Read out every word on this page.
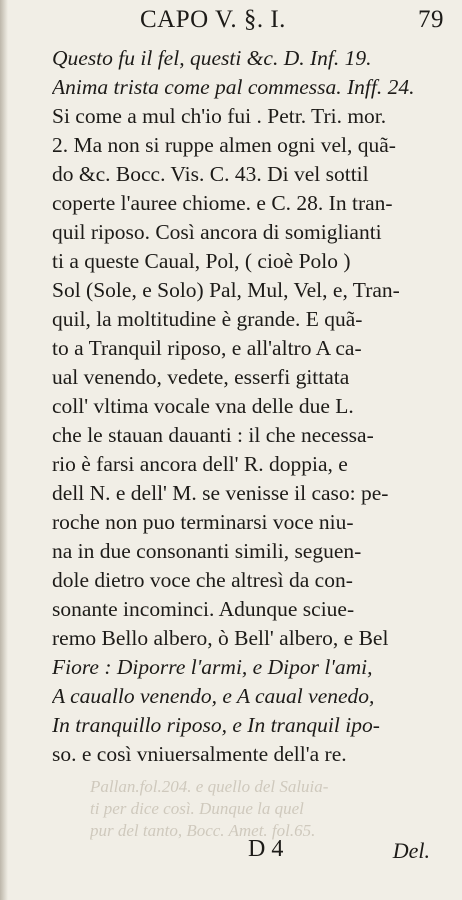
CAPO V. §. I.	79
Pallan.fol.204. e quello del Saluia-
ti per dice così. Dunque la quel
pur del tanto, Bocc. Amet. fol.65.
Questo fu il fel, questi &c. D. Inf. 19.
Anima trista come pal commessa. Inff. 24.
Si come a mul ch'io fui . Petr. Tri. mor.
2. Ma non si ruppe almen ogni vel, quã-
do &c. Bocc. Vis. C. 43. Di vel sottil
coperte l'auree chiome. e C. 28. In tran-
quil riposo. Così ancora di somiglianti
ti a queste Caual, Pol, ( cioè Polo )
Sol (Sole, e Solo) Pal, Mul, Vel, e, Tran-
quil, la moltitudine è grande. E quã-
to a Tranquil riposo, e all'altro A ca-
ual venendo, vedete, esserfi gittata
coll' vltima vocale vna delle due L.
che le stauan dauanti : il che necessa-
rio è farsi ancora dell' R. doppia, e
dell N. e dell' M. se venisse il caso: pe-
roche non puo terminarsi voce niu-
na in due consonanti simili, seguen-
dole dietro voce che altresì da con-
sonante incominci. Adunque sciue-
remo Bello albero, ò Bell' albero, e Bel
Fiore : Diporre l'armi, e Dipor l'ami,
A cauallo venendo, e A caual venedo,
In tranquillo riposo, e In tranquil ipo-
so. e così vniuersalmente dell'a re.
D 4	Del.
